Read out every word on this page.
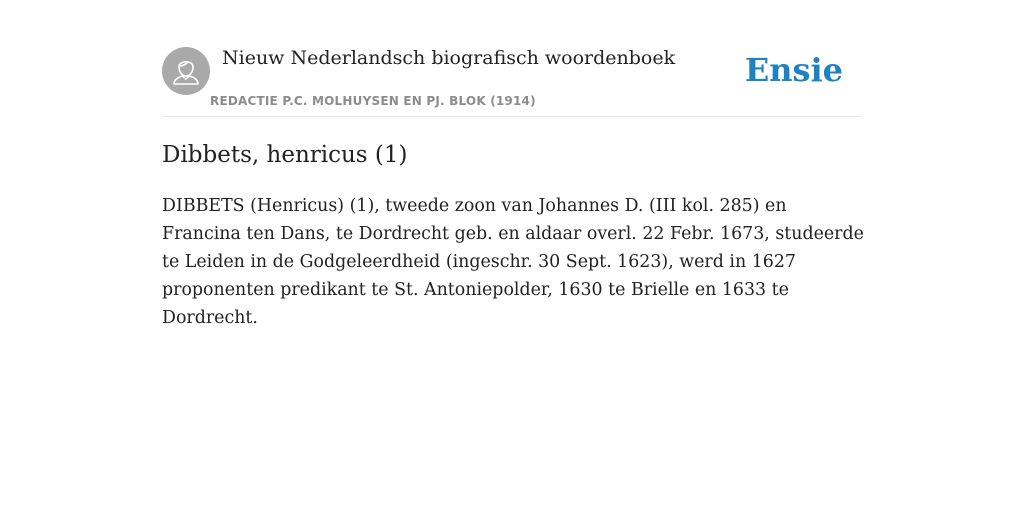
Nieuw Nederlandsch biografisch woordenboek
REDACTIE P.C. MOLHUYSEN EN PJ. BLOK (1914)
Ensie
Dibbets, henricus (1)

DIBBETS (Henricus) (1), tweede zoon van Johannes D. (III kol. 285) en Francina ten Dans, te Dordrecht geb. en aldaar overl. 22 Febr. 1673, studeerde te Leiden in de Godgeleerdheid (ingeschr. 30 Sept. 1623), werd in 1627 proponenten predikant te St. Antoniepolder, 1630 te Brielle en 1633 te Dordrecht.
